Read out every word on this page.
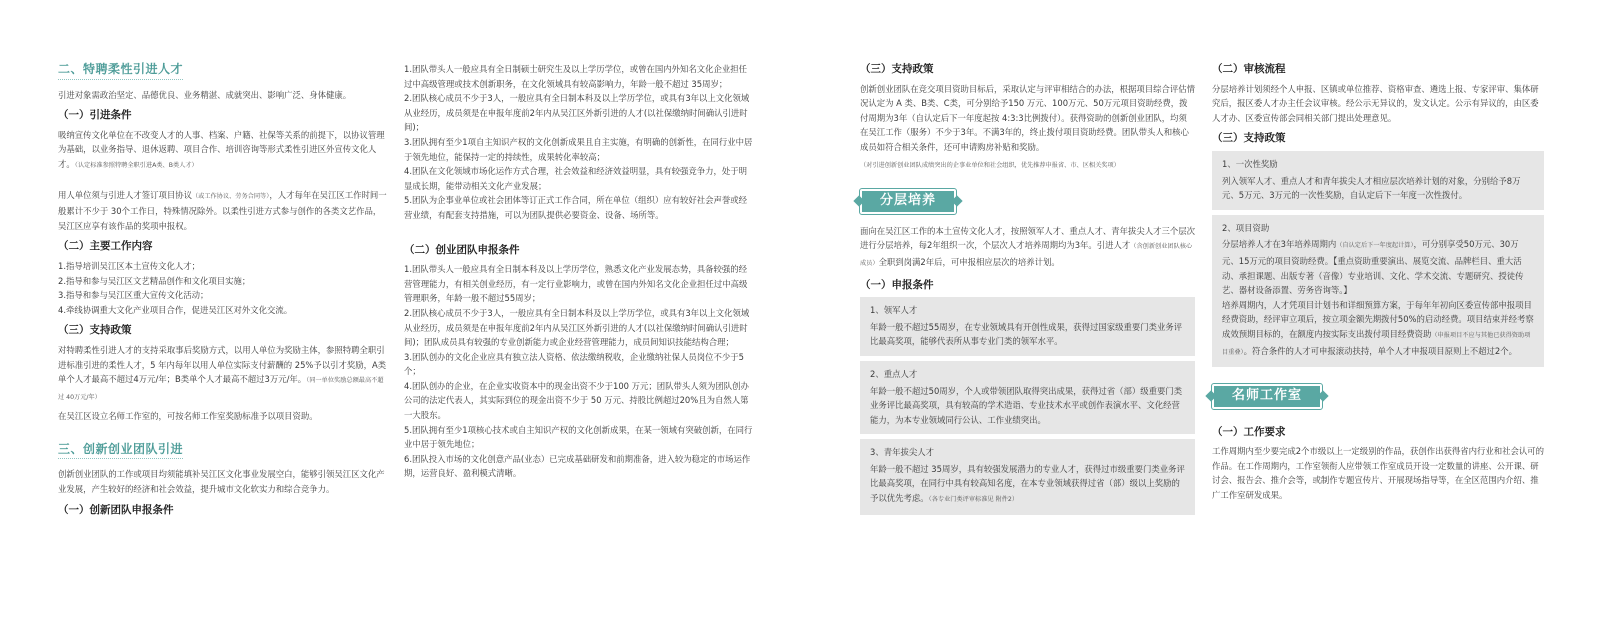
二、特聘柔性引进人才

引进对象需政治坚定、品德优良、业务精湛、成就突出、影响广泛、身体健康。

（一）引进条件

吸纳宣传文化单位在不改变人才的人事、档案、户籍、社保等关系的前提下，以协议管理为基础，以业务指导、退休返聘、项目合作、培训咨询等形式柔性引进区外宣传文化人才。（认定标准参照特聘全职引进A类、B类人才）

用人单位须与引进人才签订项目协议（或工作协议、劳务合同等），人才每年在吴江区工作时间一般累计不少于 30个工作日，特殊情况除外。以柔性引进方式参与创作的各类文艺作品，吴江区应享有该作品的奖项申报权。

（二）主要工作内容
1.指导培训吴江区本土宣传文化人才；
2.指导和参与吴江区文艺精品创作和文化项目实施；
3.指导和参与吴江区重大宣传文化活动；
4.牵线协调重大文化产业项目合作，促进吴江区对外文化交流。
（三）支持政策

对特聘柔性引进人才的支持采取事后奖励方式，以用人单位为奖励主体，参照特聘全职引进标准引进的柔性人才，5 年内每年以用人单位实际支付薪酬的 25%予以引才奖励，A类单个人才最高不超过4万元/年；B类单个人才最高不超过3万元/年。（同一单位奖励总额最高不超过 40万元/年）

在吴江区设立名师工作室的，可按名师工作室奖励标准予以项目资助。

三、创新创业团队引进

创新创业团队的工作或项目均须能填补吴江区文化事业发展空白，能够引领吴江区文化产业发展，产生较好的经济和社会效益，提升城市文化软实力和综合竞争力。

（一）创新团队申报条件
1.团队带头人一般应具有全日制硕士研究生及以上学历学位，或曾在国内外知名文化企业担任过中高级管理或技术创新职务，在文化领域具有较高影响力，年龄一般不超过 35周岁；
2.团队核心成员不少于3人，一般应具有全日制本科及以上学历学位，或具有3年以上文化领域从业经历，成员须是在申报年度前2年内从吴江区外新引进的人才(以社保缴纳时间确认引进时间)；
3.团队拥有至少1项自主知识产权的文化创新成果且自主实施，有明确的创新性，在同行业中居于领先地位，能保持一定的持续性，成果转化率较高；
4.团队在文化领域市场化运作方式合理，社会效益和经济效益明显，具有较强竞争力，处于明显成长期，能带动相关文化产业发展；
5.团队为企事业单位或社会团体等订正式工作合同，所在单位（组织）应有较好社会声誉或经营业绩，有配套支持措施，可以为团队提供必要资金、设备、场所等。
（二）创业团队申报条件
1.团队带头人一般应具有全日制本科及以上学历学位，熟悉文化产业发展态势，具备较强的经营管理能力，有相关创业经历，有一定行业影响力，或曾在国内外知名文化企业担任过中高级管理职务，年龄一般不超过55周岁；
2.团队核心成员不少于3人，一般应具有全日制本科及以上学历学位，或具有3年以上文化领域从业经历，成员须是在申报年度前2年内从吴江区外新引进的人才(以社保缴纳时间确认引进时间)；团队成员具有较强的专业创新能力或企业经营管理能力，成员间知识技能结构合理；
3.团队创办的文化企业应具有独立法人资格、依法缴纳税收，企业缴纳社保人员岗位不少于5个；
4.团队创办的企业，在企业实收资本中的现金出资不少于100 万元；团队带头人须为团队创办公司的法定代表人，其实际到位的现金出资不少于 50 万元、持股比例超过20%且为自然人第一大股东。
5.团队拥有至少1项核心技术或自主知识产权的文化创新成果，在某一领域有突破创新，在同行业中居于领先地位；
6.团队投入市场的文化创意产品(业态）已完成基础研发和前期准备，进入较为稳定的市场运作期，运营良好、盈利模式清晰。
（三）支持政策

创新创业团队在竞交项目资助目标后，采取认定与评审相结合的办法，根据项目综合评估情况认定为 A 类、B类、C类，可分别给予150 万元、100万元、50万元项目资助经费，拨付周期为3年（自认定后下一年度起按 4:3:3比例拨付）。获得资助的创新创业团队，均须在吴江工作（服务）不少于3年。不满3年的，终止拨付项目资助经费。团队带头人和核心成员如符合相关条件，还可申请购房补贴和奖励。

（对引进创新创业团队成绩突出的企事业单位和社会组织，优先推荐申报省、市、区相关奖项）

分层培养

面向在吴江区工作的本土宣传文化人才，按照领军人才、重点人才、青年拔尖人才三个层次进行分层培养，每2年组织一次，个层次人才培养周期均为3年。引进人才（含创新创业团队核心成员）全职到岗满2年后，可申报相应层次的培养计划。

（一）申报条件
1、领军人才
年龄一般不超过55周岁，在专业领域具有开创性成果，获得过国家级重要门类业务评比最高奖项，能够代表所从事专业门类的领军水平。
2、重点人才
年龄一般不超过50周岁，个人或带领团队取得突出成果，获得过省（部）级重要门类业务评比最高奖项，具有较高的学术造诣、专业技术水平或创作表演水平、文化经营能力，为本专业领域同行公认、工作业绩突出。
3、青年拔尖人才
年龄一般不超过 35周岁，具有较强发展潜力的专业人才，获得过市级重要门类业务评比最高奖项，在同行中具有较高知名度，在本专业领域获得过省（部）级以上奖励的予以优先考虑。（各专业门类评审标准见 附件2）
（二）审核流程

分层培养计划须经个人申报、区镇或单位推荐、资格审查、遴选上报、专家评审、集体研究后，报区委人才办主任会议审核。经公示无异议的，发文认定。公示有异议的，由区委人才办、区委宣传部会同相关部门提出处理意见。

（三）支持政策
1、一次性奖励
列入领军人才、重点人才和青年拔尖人才相应层次培养计划的对象，分别给予8万元、5万元、3万元的一次性奖励，自认定后下一年度一次性拨付。
2、项目资助
分层培养人才在3年培养周期内（自认定后下一年度起计算），可分别享受50万元、30万元、15万元的项目资助经费。【重点资助重要演出、展览交流、品牌栏目、重大活动、承担课题、出版专著（音像）专业培训、文化、学术交流、专题研究、授徒传艺、器材设备添置、劳务咨询等。】
培养周期内，人才凭项目计划书和详细预算方案，于每年年初向区委宣传部申报项目经费资助，经评审立项后，按立项金额先期拨付50%的启动经费。项目结束并经考察成效预期目标的，在额度内按实际支出拨付项目经费资助（申报项目不应与其他已获得资助项目重叠）。符合条件的人才可申报滚动扶持，单个人才申报项目原则上不超过2个。
名师工作室
（一）工作要求

工作周期内至少要完成2个市级以上一定级别的作品，获创作出获得省内行业和社会认可的作品。在工作周期内，工作室领衔人应带领工作室成员开设一定数量的讲座、公开课、研讨会、报告会、推介会等，或制作专题宣传片、开展现场指导等，在全区范围内介绍、推广工作室研发成果。
